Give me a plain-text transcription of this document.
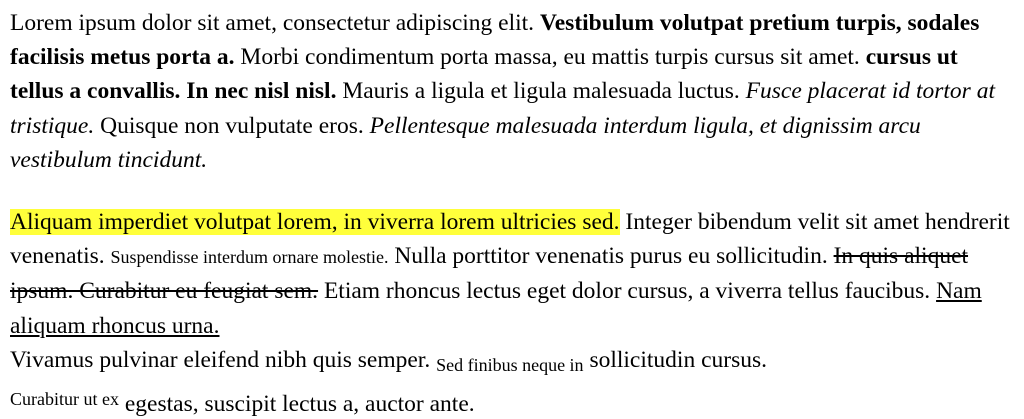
Lorem ipsum dolor sit amet, consectetur adipiscing elit. Vestibulum volutpat pretium turpis, sodales facilisis metus porta a. Morbi condimentum porta massa, eu mattis turpis cursus sit amet. cursus ut tellus a convallis. In nec nisl nisl. Mauris a ligula et ligula malesuada luctus. Fusce placerat id tortor at tristique. Quisque non vulputate eros. Pellentesque malesuada interdum ligula, et dignissim arcu vestibulum tincidunt.

Aliquam imperdiet volutpat lorem, in viverra lorem ultricies sed. Integer bibendum velit sit amet hendrerit venenatis. Suspendisse interdum ornare molestie. Nulla porttitor venenatis purus eu sollicitudin. In quis aliquet ipsum. Curabitur eu feugiat sem. Etiam rhoncus lectus eget dolor cursus, a viverra tellus faucibus. Nam aliquam rhoncus urna.
Vivamus pulvinar eleifend nibh quis semper. $_{Sed finibus neque in}$ sollicitudin cursus.
$^{Curabitur ut ex}$ egestas, suscipit lectus a, auctor ante.
